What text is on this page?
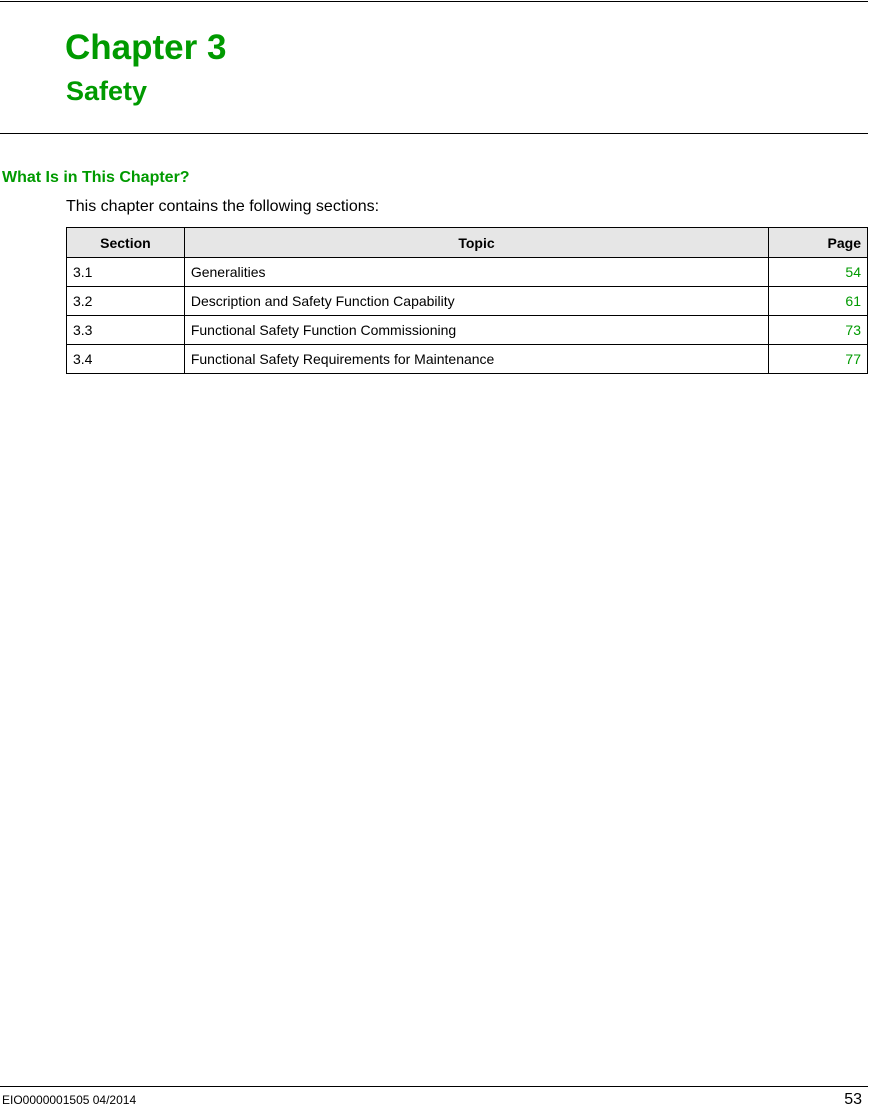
Chapter 3
Safety
What Is in This Chapter?

This chapter contains the following sections:

Section	Topic	Page
3.1	Generalities	54
3.2	Description and Safety Function Capability	61
3.3	Functional Safety Function Commissioning	73
3.4	Functional Safety Requirements for Maintenance	77
EIO0000001505 04/2014	53
